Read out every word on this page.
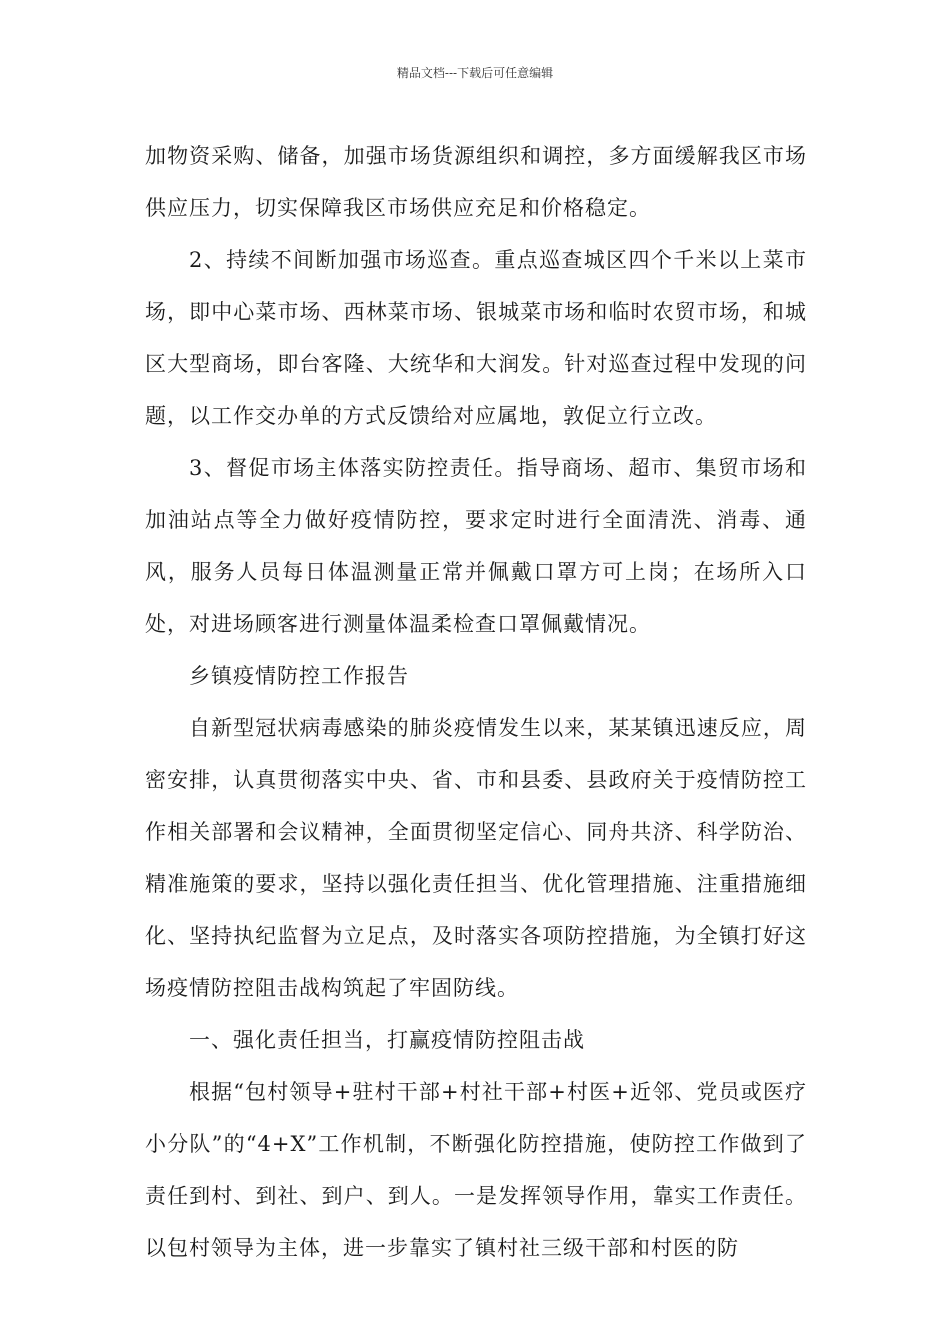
精品文档---下载后可任意编辑

加物资采购、储备，加强市场货源组织和调控，多方面缓解我区市场供应压力，切实保障我区市场供应充足和价格稳定。

2、持续不间断加强市场巡查。重点巡查城区四个千米以上菜市场，即中心菜市场、西林菜市场、银城菜市场和临时农贸市场，和城区大型商场，即台客隆、大统华和大润发。针对巡查过程中发现的问题，以工作交办单的方式反馈给对应属地，敦促立行立改。

3、督促市场主体落实防控责任。指导商场、超市、集贸市场和加油站点等全力做好疫情防控，要求定时进行全面清洗、消毒、通风，服务人员每日体温测量正常并佩戴口罩方可上岗；在场所入口处，对进场顾客进行测量体温柔检查口罩佩戴情况。

乡镇疫情防控工作报告

自新型冠状病毒感染的肺炎疫情发生以来，某某镇迅速反应，周密安排，认真贯彻落实中央、省、市和县委、县政府关于疫情防控工作相关部署和会议精神，全面贯彻坚定信心、同舟共济、科学防治、精准施策的要求，坚持以强化责任担当、优化管理措施、注重措施细化、坚持执纪监督为立足点，及时落实各项防控措施，为全镇打好这场疫情防控阻击战构筑起了牢固防线。

一、强化责任担当，打赢疫情防控阻击战

根据“包村领导+驻村干部+村社干部+村医+近邻、党员或医疗小分队”的“4+X”工作机制，不断强化防控措施，使防控工作做到了责任到村、到社、到户、到人。一是发挥领导作用，靠实工作责任。以包村领导为主体，进一步靠实了镇村社三级干部和村医的防
